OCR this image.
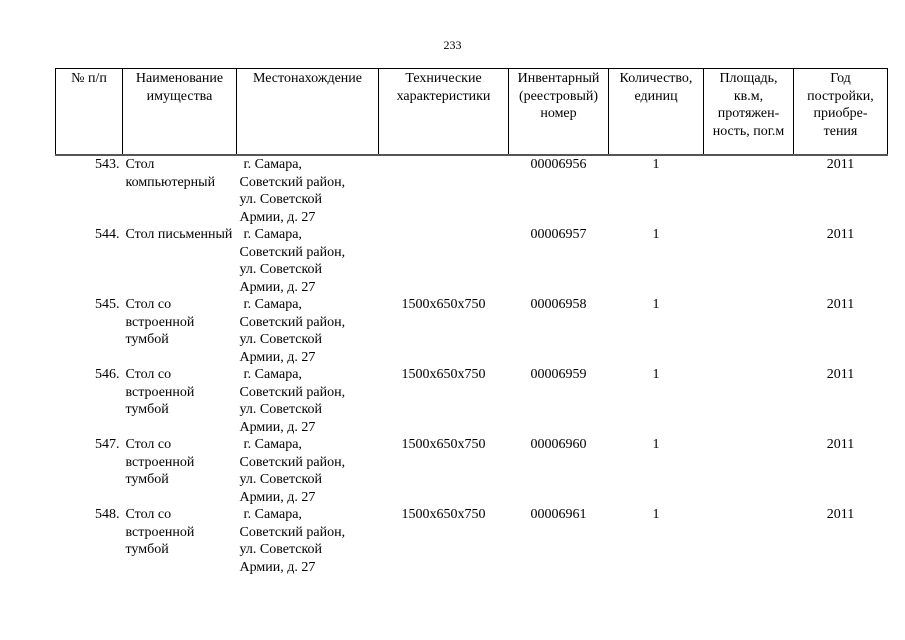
233
№ п/п	Наименование имущества	Местонахождение	Технические характеристики	Инвентарный (реестровый) номер	Количество, единиц	Площадь, кв.м, протяжен-ность, пог.м	Год постройки, приобре-тения
543.	Стол компьютерный	г. Самара,
Советский район,
ул. Советской
Армии, д. 27		00006956	1		2011
544.	Стол письменный	г. Самара,
Советский район,
ул. Советской
Армии, д. 27		00006957	1		2011
545.	Стол со встроенной тумбой	г. Самара,
Советский район,
ул. Советской
Армии, д. 27	1500x650x750	00006958	1		2011
546.	Стол со встроенной тумбой	г. Самара,
Советский район,
ул. Советской
Армии, д. 27	1500x650x750	00006959	1		2011
547.	Стол со встроенной тумбой	г. Самара,
Советский район,
ул. Советской
Армии, д. 27	1500x650x750	00006960	1		2011
548.	Стол со встроенной тумбой	г. Самара,
Советский район,
ул. Советской
Армии, д. 27	1500x650x750	00006961	1		2011
